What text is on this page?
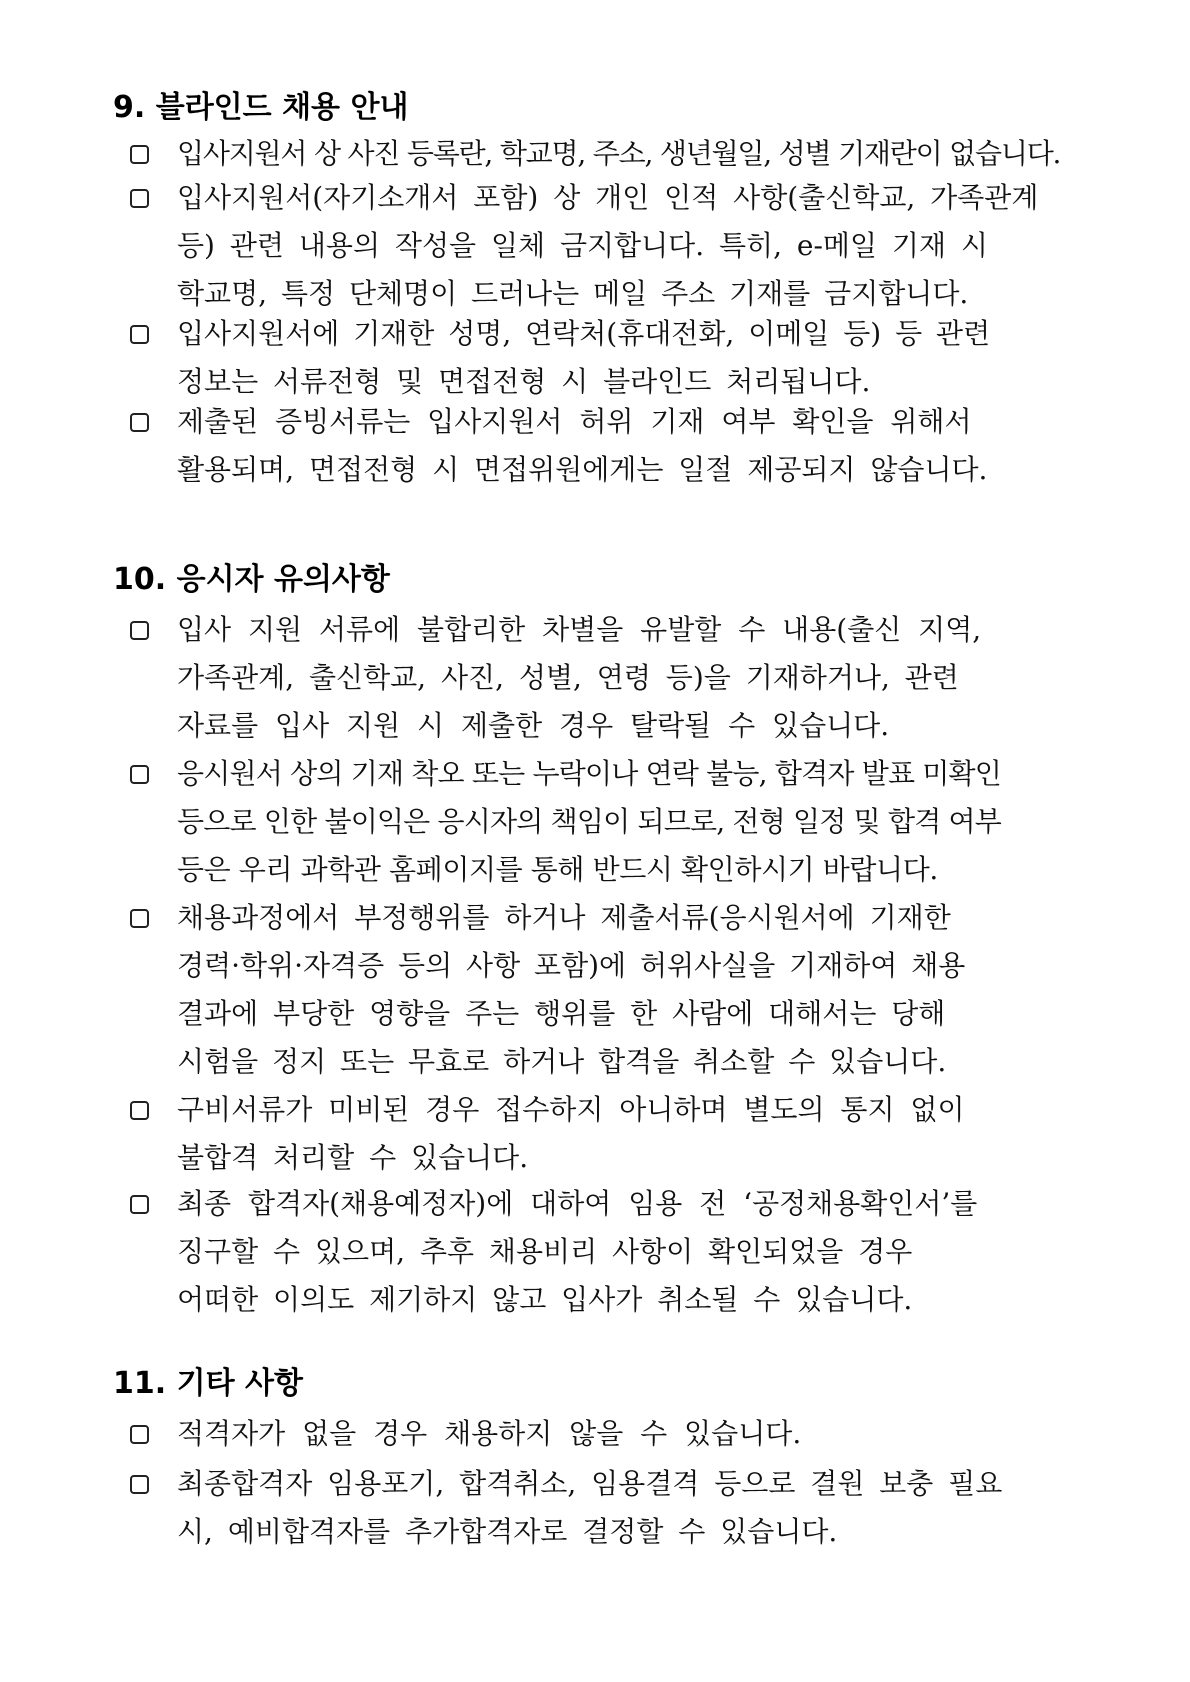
9. 블라인드 채용 안내
입사지원서 상 사진 등록란, 학교명, 주소, 생년월일, 성별 기재란이 없습니다.
입사지원서(자기소개서 포함) 상 개인 인적 사항(출신학교, 가족관계
등) 관련 내용의 작성을 일체 금지합니다. 특히, e-메일 기재 시
학교명, 특정 단체명이 드러나는 메일 주소 기재를 금지합니다.
입사지원서에 기재한 성명, 연락처(휴대전화, 이메일 등) 등 관련
정보는 서류전형 및 면접전형 시 블라인드 처리됩니다.
제출된 증빙서류는 입사지원서 허위 기재 여부 확인을 위해서
활용되며, 면접전형 시 면접위원에게는 일절 제공되지 않습니다.
10. 응시자 유의사항
입사 지원 서류에 불합리한 차별을 유발할 수 내용(출신 지역,
가족관계, 출신학교, 사진, 성별, 연령 등)을 기재하거나, 관련
자료를 입사 지원 시 제출한 경우 탈락될 수 있습니다.
응시원서 상의 기재 착오 또는 누락이나 연락 불능, 합격자 발표 미확인
등으로 인한 불이익은 응시자의 책임이 되므로, 전형 일정 및 합격 여부
등은 우리 과학관 홈페이지를 통해 반드시 확인하시기 바랍니다.
채용과정에서 부정행위를 하거나 제출서류(응시원서에 기재한
경력·학위·자격증 등의 사항 포함)에 허위사실을 기재하여 채용
결과에 부당한 영향을 주는 행위를 한 사람에 대해서는 당해
시험을 정지 또는 무효로 하거나 합격을 취소할 수 있습니다.
구비서류가 미비된 경우 접수하지 아니하며 별도의 통지 없이
불합격 처리할 수 있습니다.
최종 합격자(채용예정자)에 대하여 임용 전 ‘공정채용확인서’를
징구할 수 있으며, 추후 채용비리 사항이 확인되었을 경우
어떠한 이의도 제기하지 않고 입사가 취소될 수 있습니다.
11. 기타 사항
적격자가 없을 경우 채용하지 않을 수 있습니다.
최종합격자 임용포기, 합격취소, 임용결격 등으로 결원 보충 필요
시, 예비합격자를 추가합격자로 결정할 수 있습니다.
